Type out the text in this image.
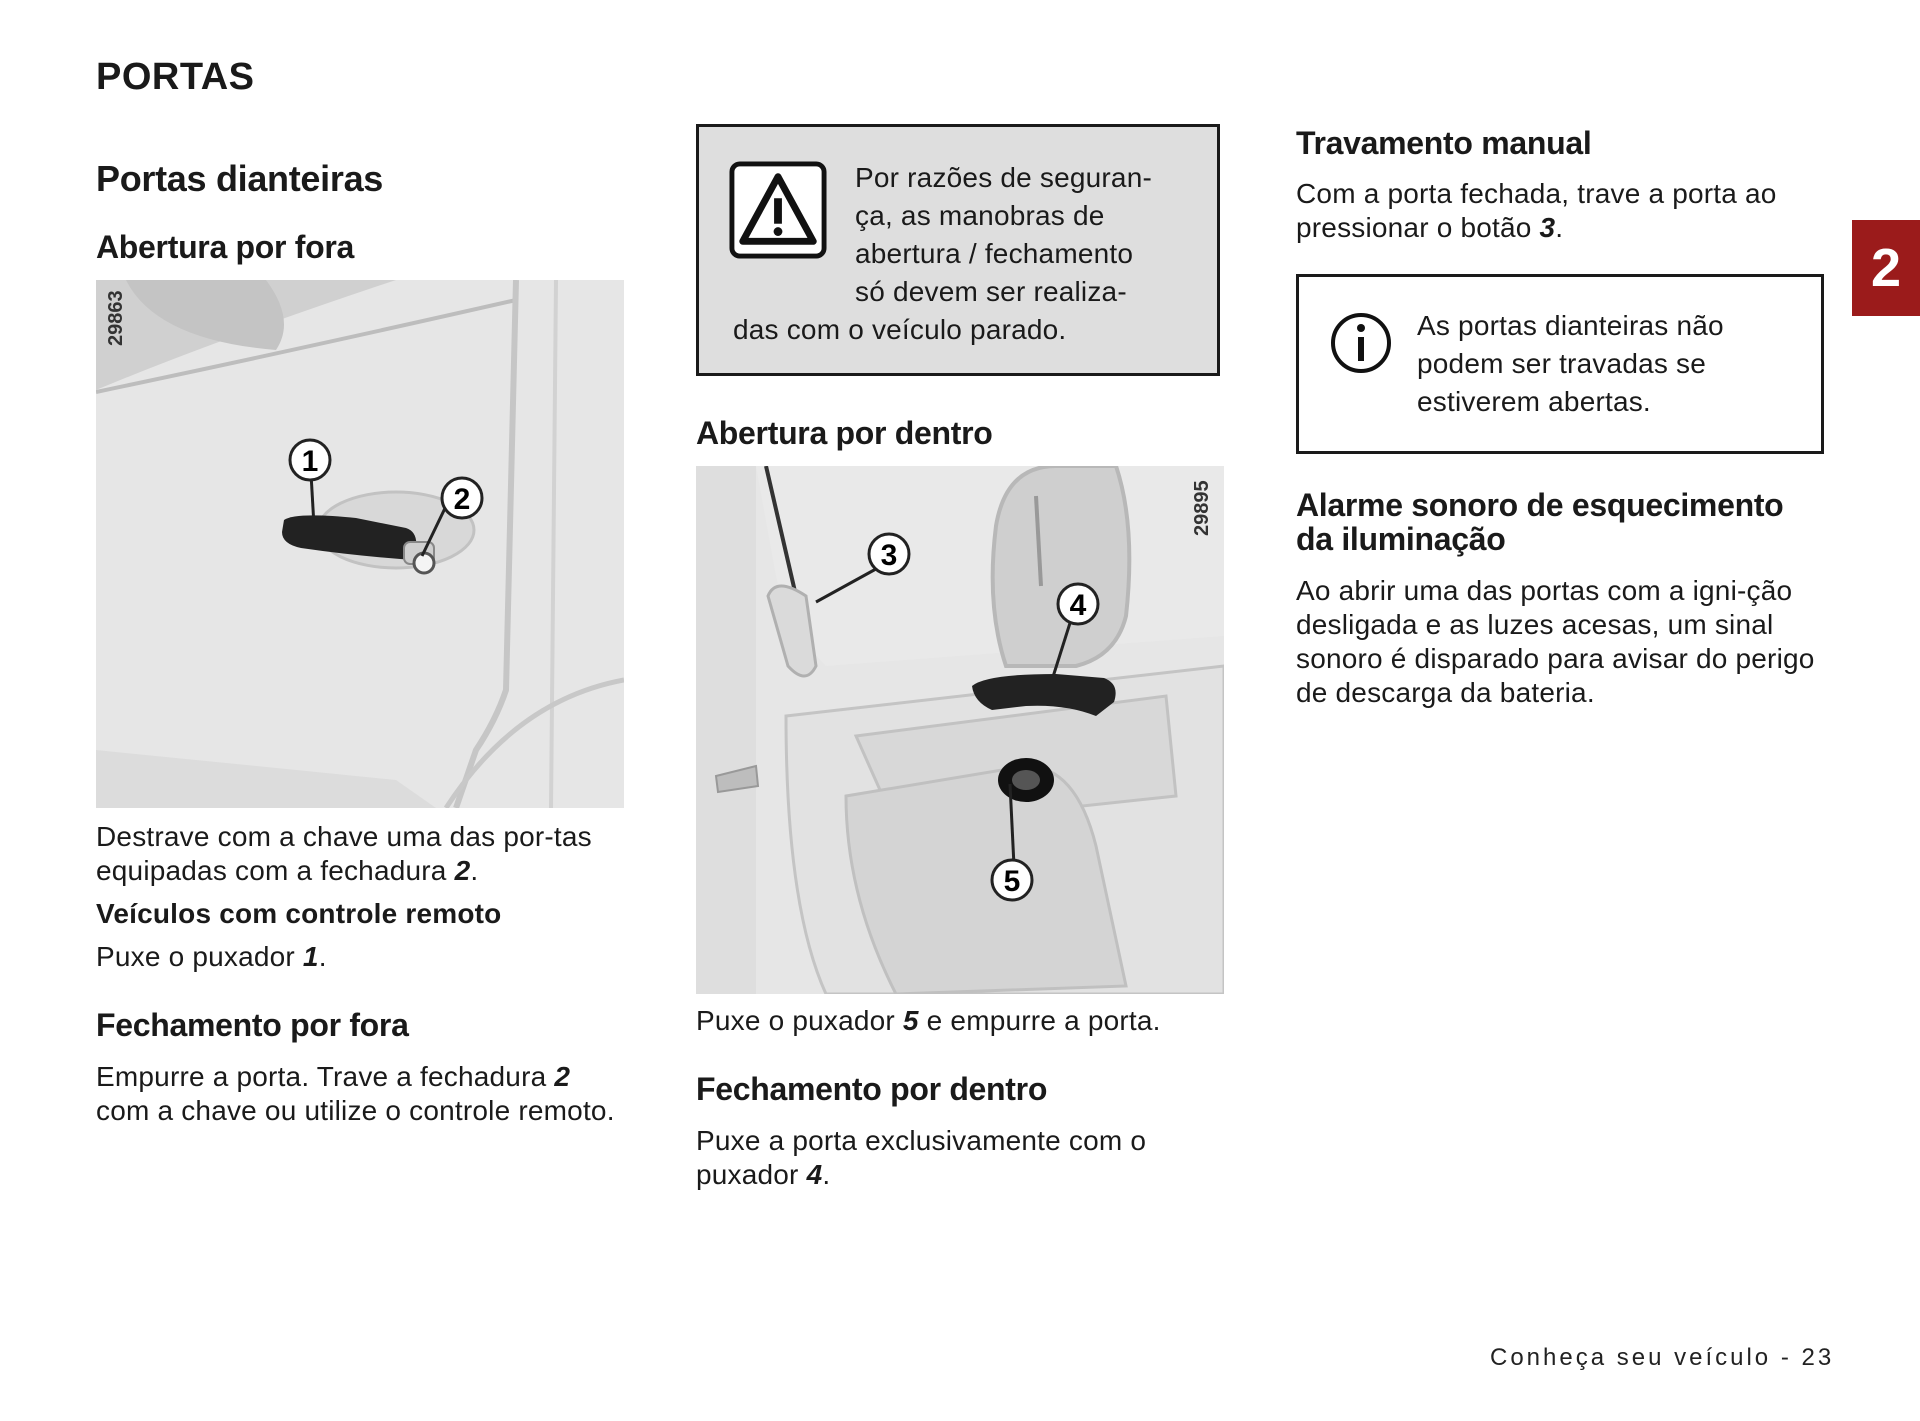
PORTAS
Portas dianteiras
Abertura por fora
1
2
29863

Destrave com a chave uma das por-tas equipadas com a fechadura 2.

Veículos com controle remoto

Puxe o puxador 1.

Fechamento por fora

Empurre a porta. Trave a fechadura 2 com a chave ou utilize o controle remoto.

Por razões de seguran-
ça, as manobras de
abertura / fechamento
só devem ser realiza-
das com o veículo parado.
Abertura por dentro
3
4
5
29895

Puxe o puxador 5 e empurre a porta.

Fechamento por dentro

Puxe a porta exclusivamente com o puxador 4.

Travamento manual

Com a porta fechada, trave a porta ao pressionar o botão 3.

As portas dianteiras não podem ser travadas se estiverem abertas.
Alarme sonoro de esquecimento da iluminação

Ao abrir uma das portas com a igni-ção desligada e as luzes acesas, um sinal sonoro é disparado para avisar do perigo de descarga da bateria.

2
Conheça seu veículo - 23
